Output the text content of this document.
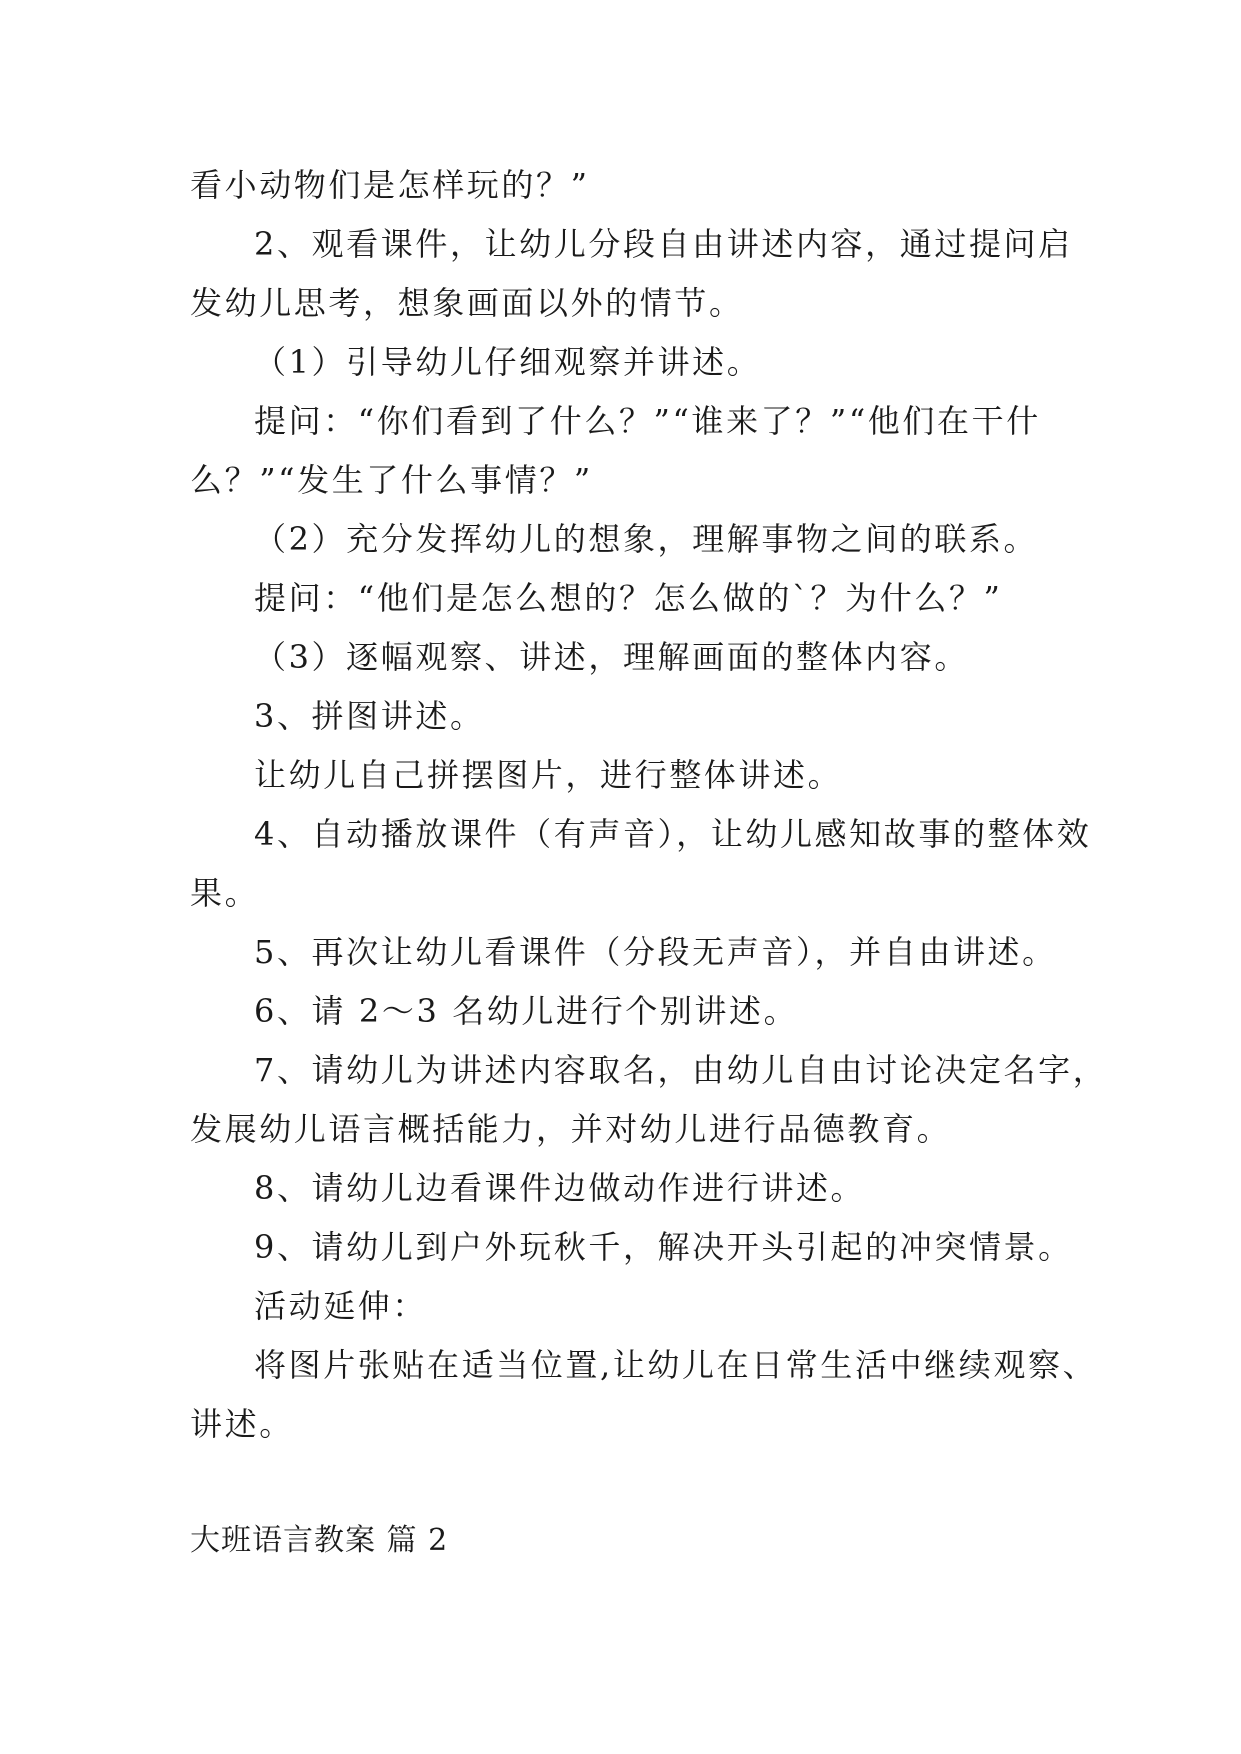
看小动物们是怎样玩的？”
2、观看课件，让幼儿分段自由讲述内容，通过提问启
发幼儿思考，想象画面以外的情节。
（1）引导幼儿仔细观察并讲述。
提问：“你们看到了什么？”“谁来了？”“他们在干什
么？”“发生了什么事情？”
（2）充分发挥幼儿的想象，理解事物之间的联系。
提问：“他们是怎么想的？怎么做的`？为什么？”
（3）逐幅观察、讲述，理解画面的整体内容。
3、拼图讲述。
让幼儿自己拼摆图片，进行整体讲述。
4、自动播放课件（有声音），让幼儿感知故事的整体效
果。
5、再次让幼儿看课件（分段无声音），并自由讲述。
6、请 2～3 名幼儿进行个别讲述。
7、请幼儿为讲述内容取名，由幼儿自由讨论决定名字，
发展幼儿语言概括能力，并对幼儿进行品德教育。
8、请幼儿边看课件边做动作进行讲述。
9、请幼儿到户外玩秋千，解决开头引起的冲突情景。
活动延伸：
将图片张贴在适当位置,让幼儿在日常生活中继续观察、
讲述。
大班语言教案 篇 2
